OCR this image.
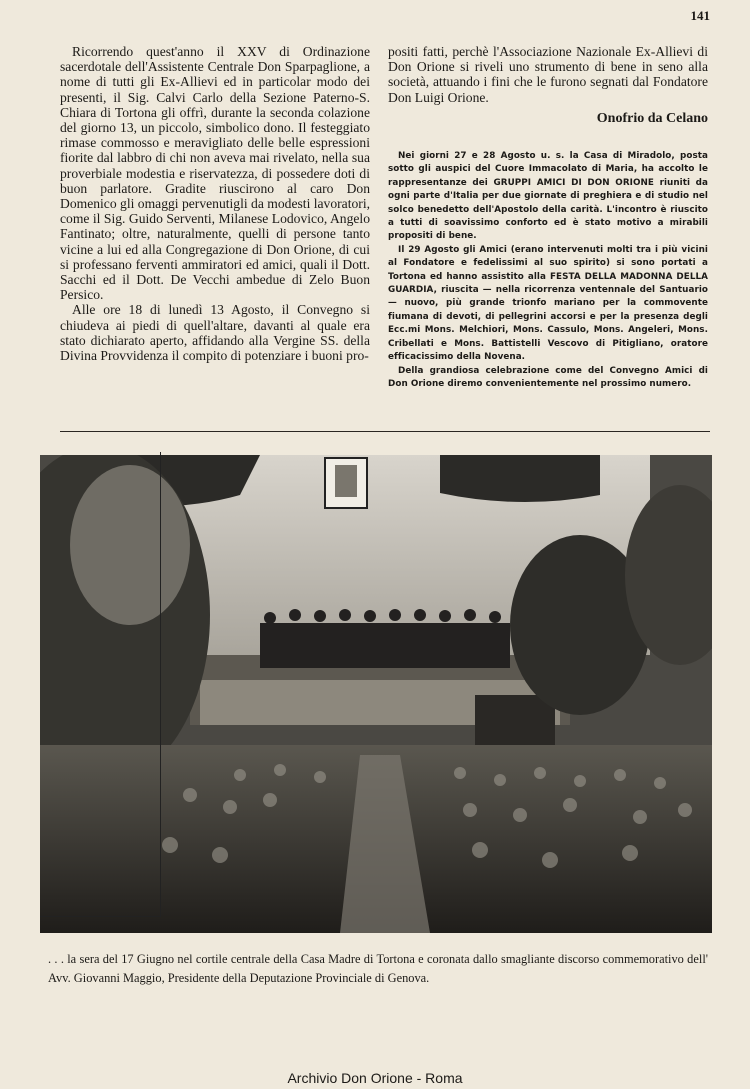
141

Ricorrendo quest'anno il XXV di Ordinazione sacerdotale dell'Assistente Centrale Don Sparpaglione, a nome di tutti gli Ex-Allievi ed in particolar modo dei presenti, il Sig. Calvi Carlo della Sezione Paterno-S. Chiara di Tortona gli offrì, durante la seconda colazione del giorno 13, un piccolo, simbolico dono. Il festeggiato rimase commosso e meravigliato delle belle espressioni fiorite dal labbro di chi non aveva mai rivelato, nella sua proverbiale modestia e riservatezza, di possedere doti di buon parlatore. Gradite riuscirono al caro Don Domenico gli omaggi pervenutigli da modesti lavoratori, come il Sig. Guido Serventi, Milanese Lodovico, Angelo Fantinato; oltre, naturalmente, quelli di persone tanto vicine a lui ed alla Congregazione di Don Orione, di cui si professano ferventi ammiratori ed amici, quali il Dott. Sacchi ed il Dott. De Vecchi ambedue di Zelo Buon Persico.

Alle ore 18 di lunedì 13 Agosto, il Convegno si chiudeva ai piedi di quell'altare, davanti al quale era stato dichiarato aperto, affidando alla Vergine SS. della Divina Provvidenza il compito di potenziare i buoni pro-

positi fatti, perchè l'Associazione Nazionale Ex-Allievi di Don Orione si riveli uno strumento di bene in seno alla società, attuando i fini che le furono segnati dal Fondatore Don Luigi Orione.

Onofrio da Celano

Nei giorni 27 e 28 Agosto u. s. la Casa di Miradolo, posta sotto gli auspici del Cuore Immacolato di Maria, ha accolto le rappresentanze dei GRUPPI AMICI DI DON ORIONE riuniti da ogni parte d'Italia per due giornate di preghiera e di studio nel solco benedetto dell'Apostolo della carità. L'incontro è riuscito a tutti di soavissimo conforto ed è stato motivo a mirabili propositi di bene.

Il 29 Agosto gli Amici (erano intervenuti molti tra i più vicini al Fondatore e fedelissimi al suo spirito) si sono portati a Tortona ed hanno assistito alla FESTA DELLA MADONNA DELLA GUARDIA, riuscita — nella ricorrenza ventennale del Santuario — nuovo, più grande trionfo mariano per la commovente fiumana di devoti, di pellegrini accorsi e per la presenza degli Ecc.mi Mons. Melchiori, Mons. Cassulo, Mons. Angeleri, Mons. Cribellati e Mons. Battistelli Vescovo di Pitigliano, oratore efficacissimo della Novena.

Della grandiosa celebrazione come del Convegno Amici di Don Orione diremo convenientemente nel prossimo numero.

. . . la sera del 17 Giugno nel cortile centrale della Casa Madre di Tortona e coronata dallo smagliante discorso commemorativo dell' Avv. Giovanni Maggio, Presidente della Deputazione Provinciale di Genova.
Archivio Don Orione - Roma
